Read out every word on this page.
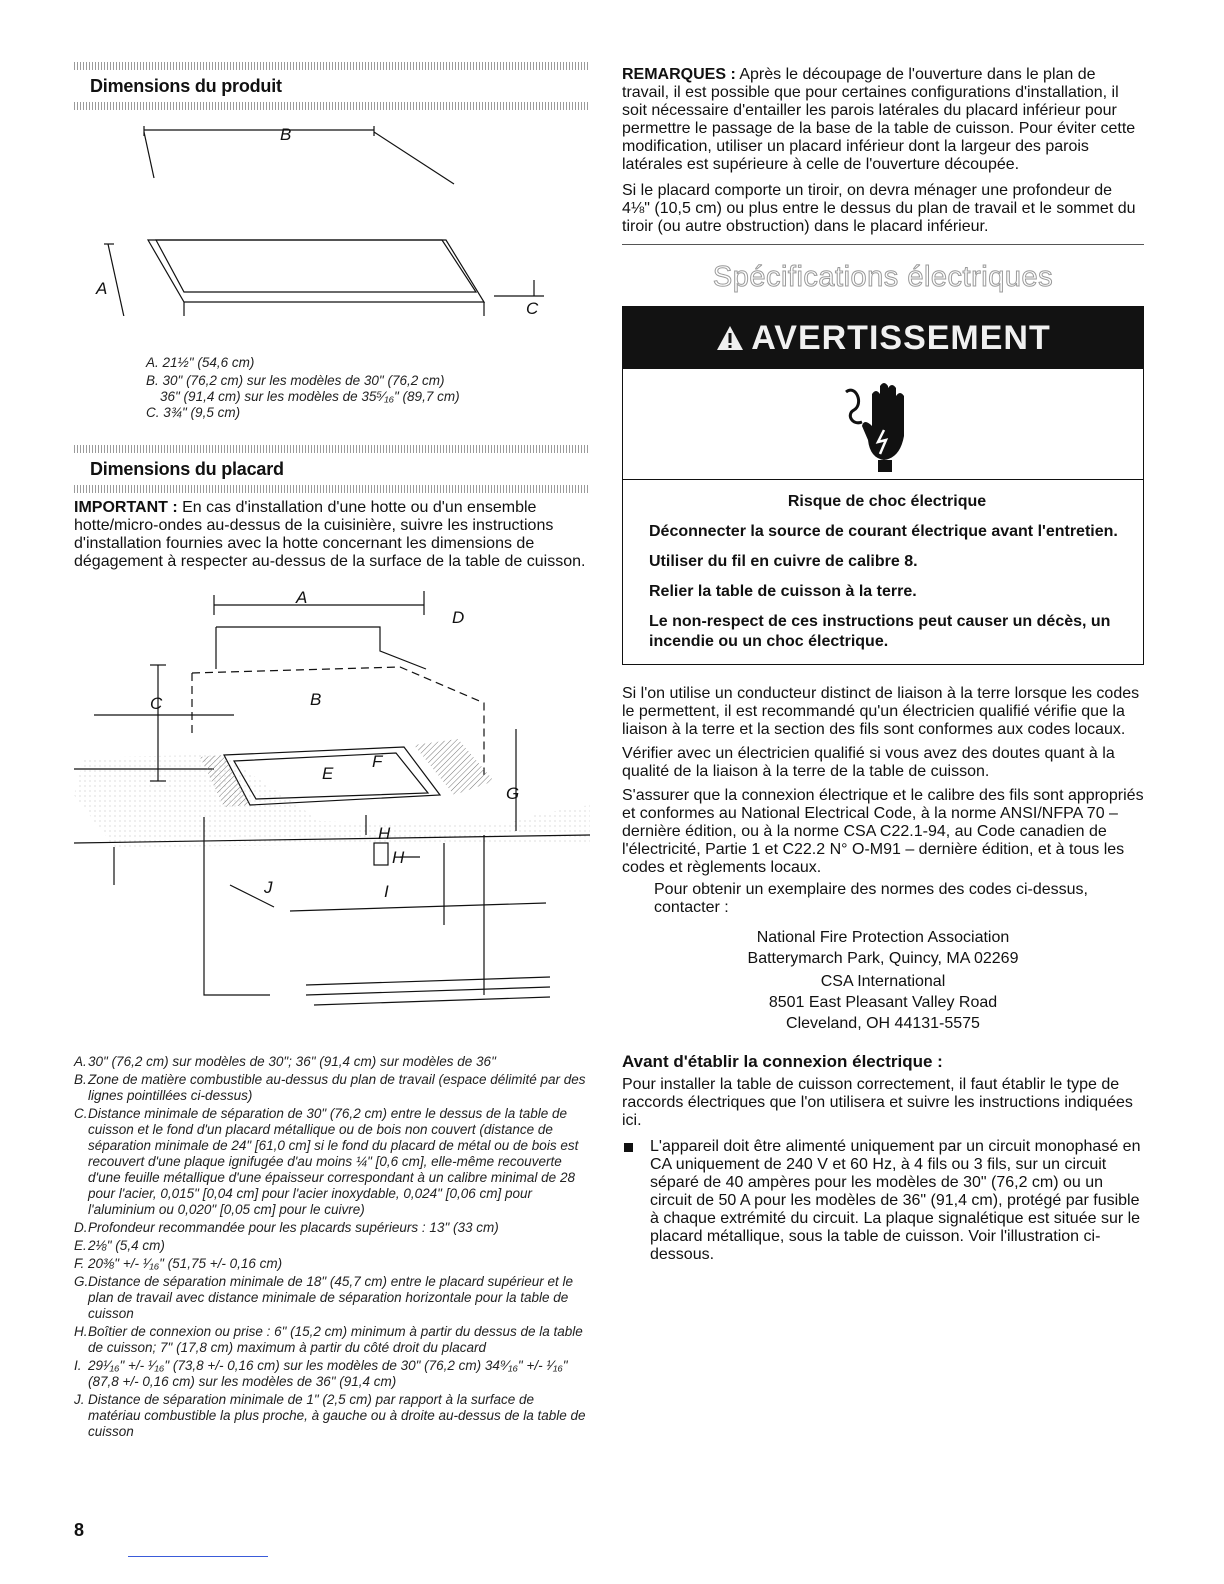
Dimensions du produit
B
A
C
A. 21½" (54,6 cm)
B. 30" (76,2 cm) sur les modèles de 30" (76,2 cm)
36" (91,4 cm) sur les modèles de 35⁵⁄₁₆" (89,7 cm)
C. 3¾" (9,5 cm)
Dimensions du placard

IMPORTANT : En cas d'installation d'une hotte ou d'un ensemble hotte/micro-ondes au-dessus de la cuisinière, suivre les instructions d'installation fournies avec la hotte concernant les dimensions de dégagement à respecter au-dessus de la surface de la table de cuisson.

A
D
C	B
F
E
G
H
H
J	I
A. 30" (76,2 cm) sur modèles de 30"; 36" (91,4 cm) sur modèles de 36"
B. Zone de matière combustible au-dessus du plan de travail (espace délimité par des lignes pointillées ci-dessus)
C. Distance minimale de séparation de 30" (76,2 cm) entre le dessus de la table de cuisson et le fond d'un placard métallique ou de bois non couvert (distance de séparation minimale de 24" [61,0 cm] si le fond du placard de métal ou de bois est recouvert d'une plaque ignifugée d'au moins ¼" [0,6 cm], elle-même recouverte d'une feuille métallique d'une épaisseur correspondant à un calibre minimal de 28 pour l'acier, 0,015" [0,04 cm] pour l'acier inoxydable, 0,024" [0,06 cm] pour l'aluminium ou 0,020" [0,05 cm] pour le cuivre)
D. Profondeur recommandée pour les placards supérieurs : 13" (33 cm)
E. 2⅛" (5,4 cm)
F. 20⅜" +/- ¹⁄₁₆" (51,75 +/- 0,16 cm)
G. Distance de séparation minimale de 18" (45,7 cm) entre le placard supérieur et le plan de travail avec distance minimale de séparation horizontale pour la table de cuisson
H. Boîtier de connexion ou prise : 6" (15,2 cm) minimum à partir du dessus de la table de cuisson; 7" (17,8 cm) maximum à partir du côté droit du placard
I. 29¹⁄₁₆" +/- ¹⁄₁₆" (73,8 +/- 0,16 cm) sur les modèles de 30" (76,2 cm) 34⁹⁄₁₆" +/- ¹⁄₁₆" (87,8 +/- 0,16 cm) sur les modèles de 36" (91,4 cm)
J. Distance de séparation minimale de 1" (2,5 cm) par rapport à la surface de matériau combustible la plus proche, à gauche ou à droite au-dessus de la table de cuisson
8

REMARQUES : Après le découpage de l'ouverture dans le plan de travail, il est possible que pour certaines configurations d'installation, il soit nécessaire d'entailler les parois latérales du placard inférieur pour permettre le passage de la base de la table de cuisson. Pour éviter cette modification, utiliser un placard inférieur dont la largeur des parois latérales est supérieure à celle de l'ouverture découpée.

Si le placard comporte un tiroir, on devra ménager une profondeur de 4⅛" (10,5 cm) ou plus entre le dessus du plan de travail et le sommet du tiroir (ou autre obstruction) dans le placard inférieur.

Spécifications électriques
AVERTISSEMENT

Risque de choc électrique

Déconnecter la source de courant électrique avant l'entretien.

Utiliser du fil en cuivre de calibre 8.

Relier la table de cuisson à la terre.

Le non-respect de ces instructions peut causer un décès, un incendie ou un choc électrique.

Si l'on utilise un conducteur distinct de liaison à la terre lorsque les codes le permettent, il est recommandé qu'un électricien qualifié vérifie que la liaison à la terre et la section des fils sont conformes aux codes locaux.

Vérifier avec un électricien qualifié si vous avez des doutes quant à la qualité de la liaison à la terre de la table de cuisson.

S'assurer que la connexion électrique et le calibre des fils sont appropriés et conformes au National Electrical Code, à la norme ANSI/NFPA 70 – dernière édition, ou à la norme CSA C22.1-94, au Code canadien de l'électricité, Partie 1 et C22.2 N° O-M91 – dernière édition, et à tous les codes et règlements locaux.

Pour obtenir un exemplaire des normes des codes ci-dessus, contacter :

National Fire Protection Association
Batterymarch Park, Quincy, MA 02269
CSA International
8501 East Pleasant Valley Road
Cleveland, OH 44131-5575
Avant d'établir la connexion électrique :

Pour installer la table de cuisson correctement, il faut établir le type de raccords électriques que l'on utilisera et suivre les instructions indiquées ici.

L'appareil doit être alimenté uniquement par un circuit monophasé en CA uniquement de 240 V et 60 Hz, à 4 fils ou 3 fils, sur un circuit séparé de 40 ampères pour les modèles de 30" (76,2 cm) ou un circuit de 50 A pour les modèles de 36" (91,4 cm), protégé par fusible à chaque extrémité du circuit. La plaque signalétique est située sur le placard métallique, sous la table de cuisson. Voir l'illustration ci-dessous.
